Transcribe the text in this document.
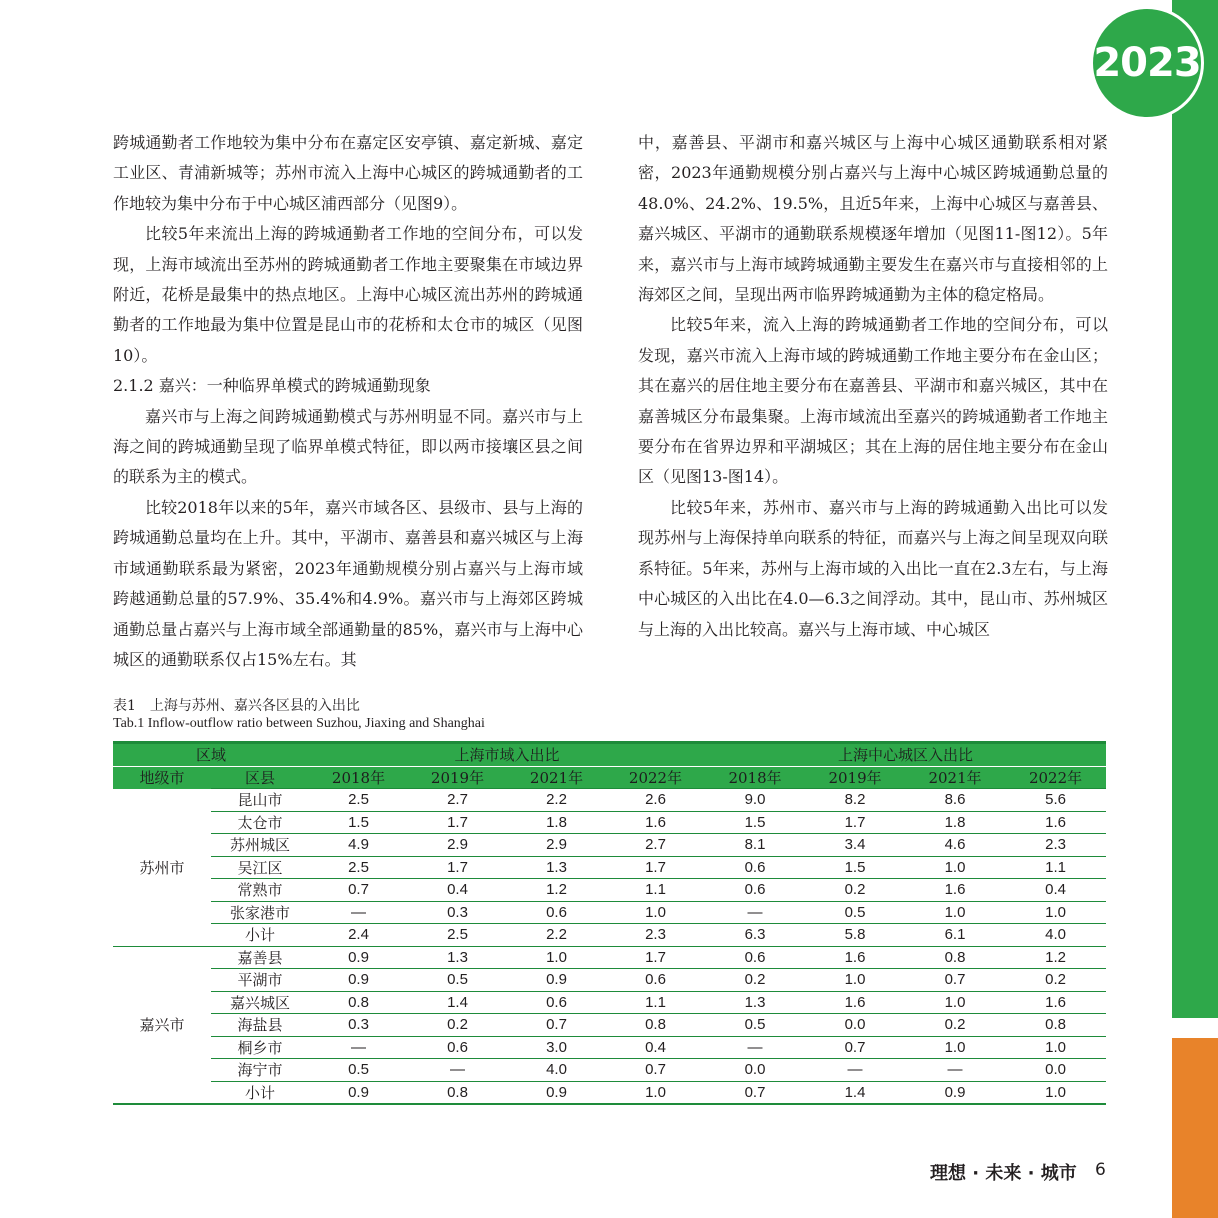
2023

跨城通勤者工作地较为集中分布在嘉定区安亭镇、嘉定新城、嘉定工业区、青浦新城等；苏州市流入上海中心城区的跨城通勤者的工作地较为集中分布于中心城区浦西部分（见图9）。

比较5年来流出上海的跨城通勤者工作地的空间分布，可以发现，上海市域流出至苏州的跨城通勤者工作地主要聚集在市域边界附近，花桥是最集中的热点地区。上海中心城区流出苏州的跨城通勤者的工作地最为集中位置是昆山市的花桥和太仓市的城区（见图10）。

2.1.2 嘉兴：一种临界单模式的跨城通勤现象

嘉兴市与上海之间跨城通勤模式与苏州明显不同。嘉兴市与上海之间的跨城通勤呈现了临界单模式特征，即以两市接壤区县之间的联系为主的模式。

比较2018年以来的5年，嘉兴市域各区、县级市、县与上海的跨城通勤总量均在上升。其中，平湖市、嘉善县和嘉兴城区与上海市域通勤联系最为紧密，2023年通勤规模分别占嘉兴与上海市域跨越通勤总量的57.9%、35.4%和4.9%。嘉兴市与上海郊区跨城通勤总量占嘉兴与上海市域全部通勤量的85%，嘉兴市与上海中心城区的通勤联系仅占15%左右。其

中，嘉善县、平湖市和嘉兴城区与上海中心城区通勤联系相对紧密，2023年通勤规模分别占嘉兴与上海中心城区跨城通勤总量的48.0%、24.2%、19.5%，且近5年来，上海中心城区与嘉善县、嘉兴城区、平湖市的通勤联系规模逐年增加（见图11-图12）。5年来，嘉兴市与上海市域跨城通勤主要发生在嘉兴市与直接相邻的上海郊区之间，呈现出两市临界跨城通勤为主体的稳定格局。

比较5年来，流入上海的跨城通勤者工作地的空间分布，可以发现，嘉兴市流入上海市域的跨城通勤工作地主要分布在金山区；其在嘉兴的居住地主要分布在嘉善县、平湖市和嘉兴城区，其中在嘉善城区分布最集聚。上海市域流出至嘉兴的跨城通勤者工作地主要分布在省界边界和平湖城区；其在上海的居住地主要分布在金山区（见图13-图14）。

比较5年来，苏州市、嘉兴市与上海的跨城通勤入出比可以发现苏州与上海保持单向联系的特征，而嘉兴与上海之间呈现双向联系特征。5年来，苏州与上海市域的入出比一直在2.3左右，与上海中心城区的入出比在4.0—6.3之间浮动。其中，昆山市、苏州城区与上海的入出比较高。嘉兴与上海市域、中心城区

表1　上海与苏州、嘉兴各区县的入出比
Tab.1 Inflow-outflow ratio between Suzhou, Jiaxing and Shanghai
区域		上海市域入出比				上海中心城区入出比			
地级市	区县	2018年	2019年	2021年	2022年	2018年	2019年	2021年	2022年
苏州市	昆山市	2.5	2.7	2.2	2.6	9.0	8.2	8.6	5.6
	太仓市	1.5	1.7	1.8	1.6	1.5	1.7	1.8	1.6
	苏州城区	4.9	2.9	2.9	2.7	8.1	3.4	4.6	2.3
	吴江区	2.5	1.7	1.3	1.7	0.6	1.5	1.0	1.1
	常熟市	0.7	0.4	1.2	1.1	0.6	0.2	1.6	0.4
	张家港市	—	0.3	0.6	1.0	—	0.5	1.0	1.0
	小计	2.4	2.5	2.2	2.3	6.3	5.8	6.1	4.0
嘉兴市	嘉善县	0.9	1.3	1.0	1.7	0.6	1.6	0.8	1.2
	平湖市	0.9	0.5	0.9	0.6	0.2	1.0	0.7	0.2
	嘉兴城区	0.8	1.4	0.6	1.1	1.3	1.6	1.0	1.6
	海盐县	0.3	0.2	0.7	0.8	0.5	0.0	0.2	0.8
	桐乡市	—	0.6	3.0	0.4	—	0.7	1.0	1.0
	海宁市	0.5	—	4.0	0.7	0.0	—	—	0.0
	小计	0.9	0.8	0.9	1.0	0.7	1.4	0.9	1.0
理想 · 未来 · 城市 6
